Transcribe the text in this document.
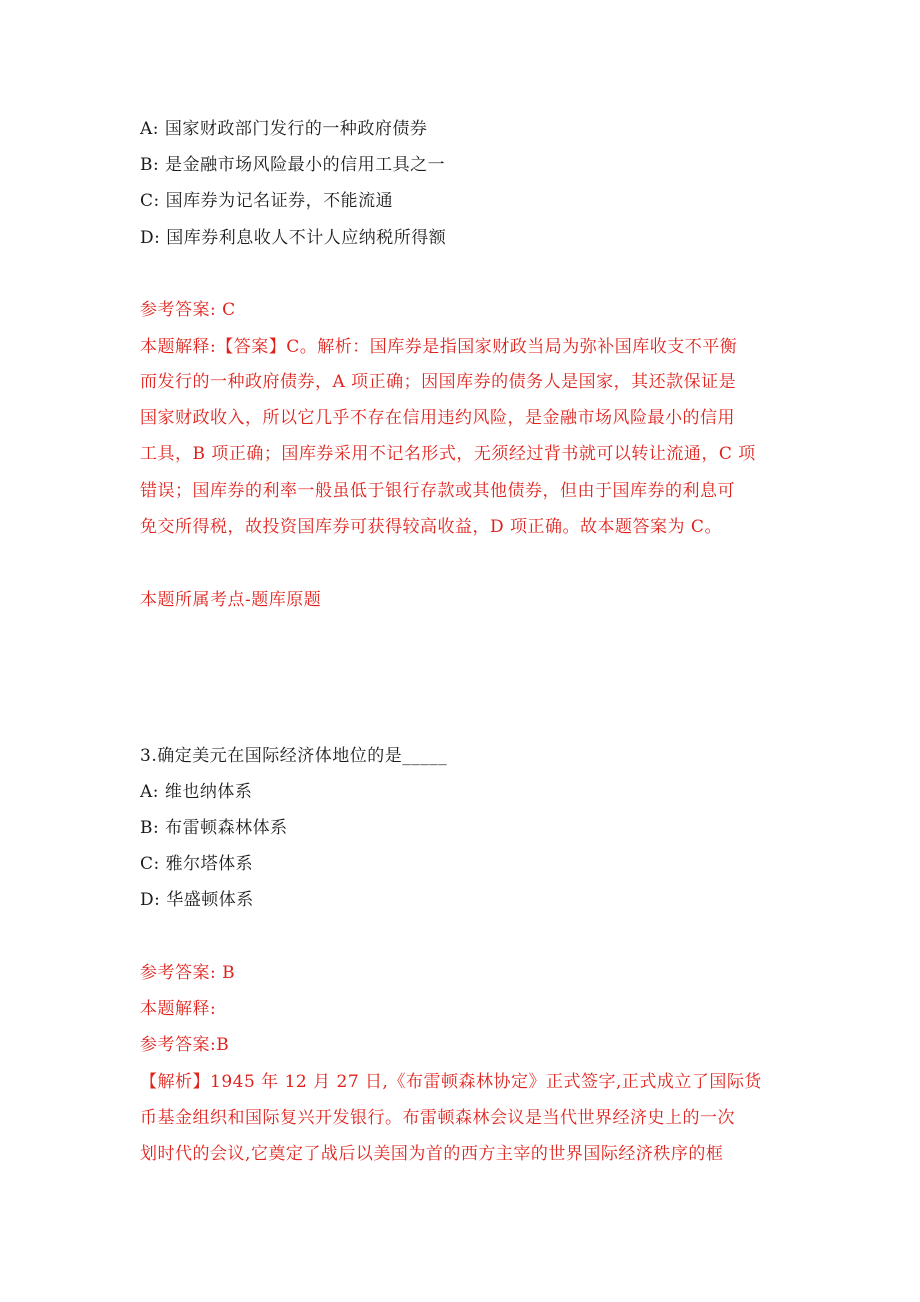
A: 国家财政部门发行的一种政府债券
B: 是金融市场风险最小的信用工具之一
C: 国库券为记名证券，不能流通
D: 国库券利息收人不计人应纳税所得额
参考答案: C
本题解释:【答案】C。解析：国库券是指国家财政当局为弥补国库收支不平衡
而发行的一种政府债券，A 项正确；因国库券的债务人是国家，其还款保证是
国家财政收入，所以它几乎不存在信用违约风险，是金融市场风险最小的信用
工具，B 项正确；国库券采用不记名形式，无须经过背书就可以转让流通，C 项
错误；国库券的利率一般虽低于银行存款或其他债券，但由于国库券的利息可
免交所得税，故投资国库券可获得较高收益，D 项正确。故本题答案为 C。
本题所属考点-题库原题
3.确定美元在国际经济体地位的是_____
A: 维也纳体系
B: 布雷顿森林体系
C: 雅尔塔体系
D: 华盛顿体系
参考答案: B
本题解释:
参考答案:B
【解析】1945 年 12 月 27 日,《布雷顿森林协定》正式签字,正式成立了国际货
币基金组织和国际复兴开发银行。布雷顿森林会议是当代世界经济史上的一次
划时代的会议,它奠定了战后以美国为首的西方主宰的世界国际经济秩序的框
